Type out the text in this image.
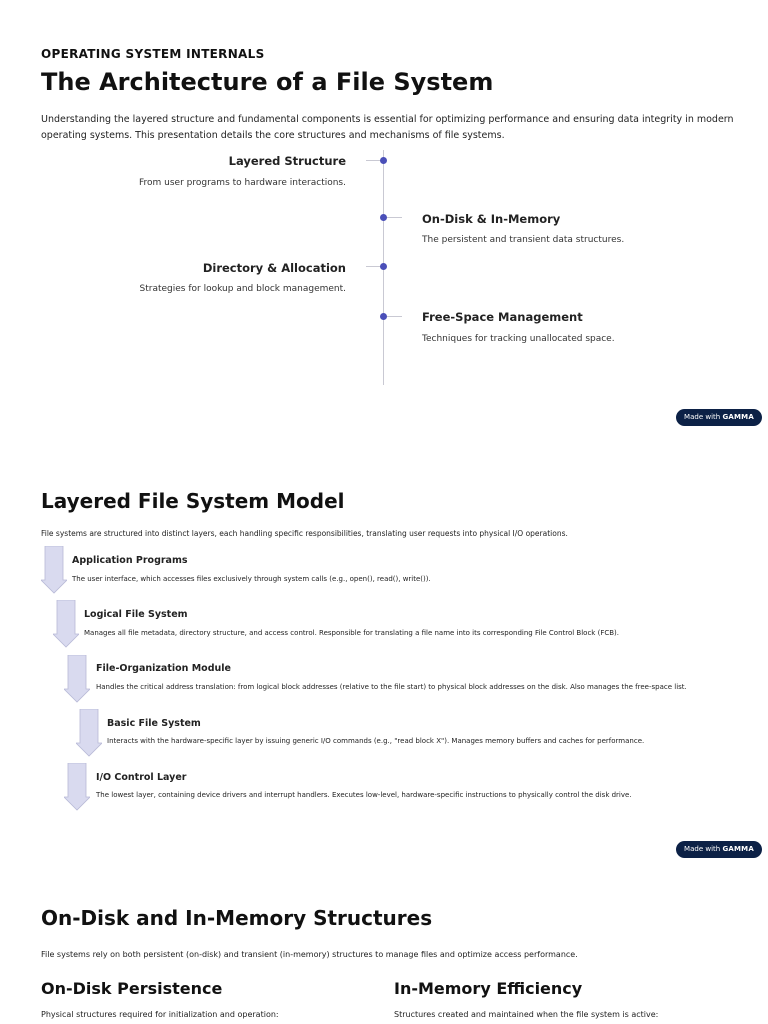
OPERATING SYSTEM INTERNALS
The Architecture of a File System

Understanding the layered structure and fundamental components is essential for optimizing performance and ensuring data integrity in modern operating systems. This presentation details the core structures and mechanisms of file systems.

Layered Structure
From user programs to hardware interactions.
On-Disk & In-Memory
The persistent and transient data structures.
Directory & Allocation
Strategies for lookup and block management.
Free-Space Management
Techniques for tracking unallocated space.
Made with GAMMA
Layered File System Model

File systems are structured into distinct layers, each handling specific responsibilities, translating user requests into physical I/O operations.

Application Programs
The user interface, which accesses files exclusively through system calls (e.g., open(), read(), write()).
Logical File System
Manages all file metadata, directory structure, and access control. Responsible for translating a file name into its corresponding File Control Block (FCB).
File-Organization Module
Handles the critical address translation: from logical block addresses (relative to the file start) to physical block addresses on the disk. Also manages the free-space list.
Basic File System
Interacts with the hardware-specific layer by issuing generic I/O commands (e.g., "read block X"). Manages memory buffers and caches for performance.
I/O Control Layer
The lowest layer, containing device drivers and interrupt handlers. Executes low-level, hardware-specific instructions to physically control the disk drive.
Made with GAMMA
On-Disk and In-Memory Structures

File systems rely on both persistent (on-disk) and transient (in-memory) structures to manage files and optimize access performance.

On-Disk Persistence

Physical structures required for initialization and operation:

In-Memory Efficiency

Structures created and maintained when the file system is active:
